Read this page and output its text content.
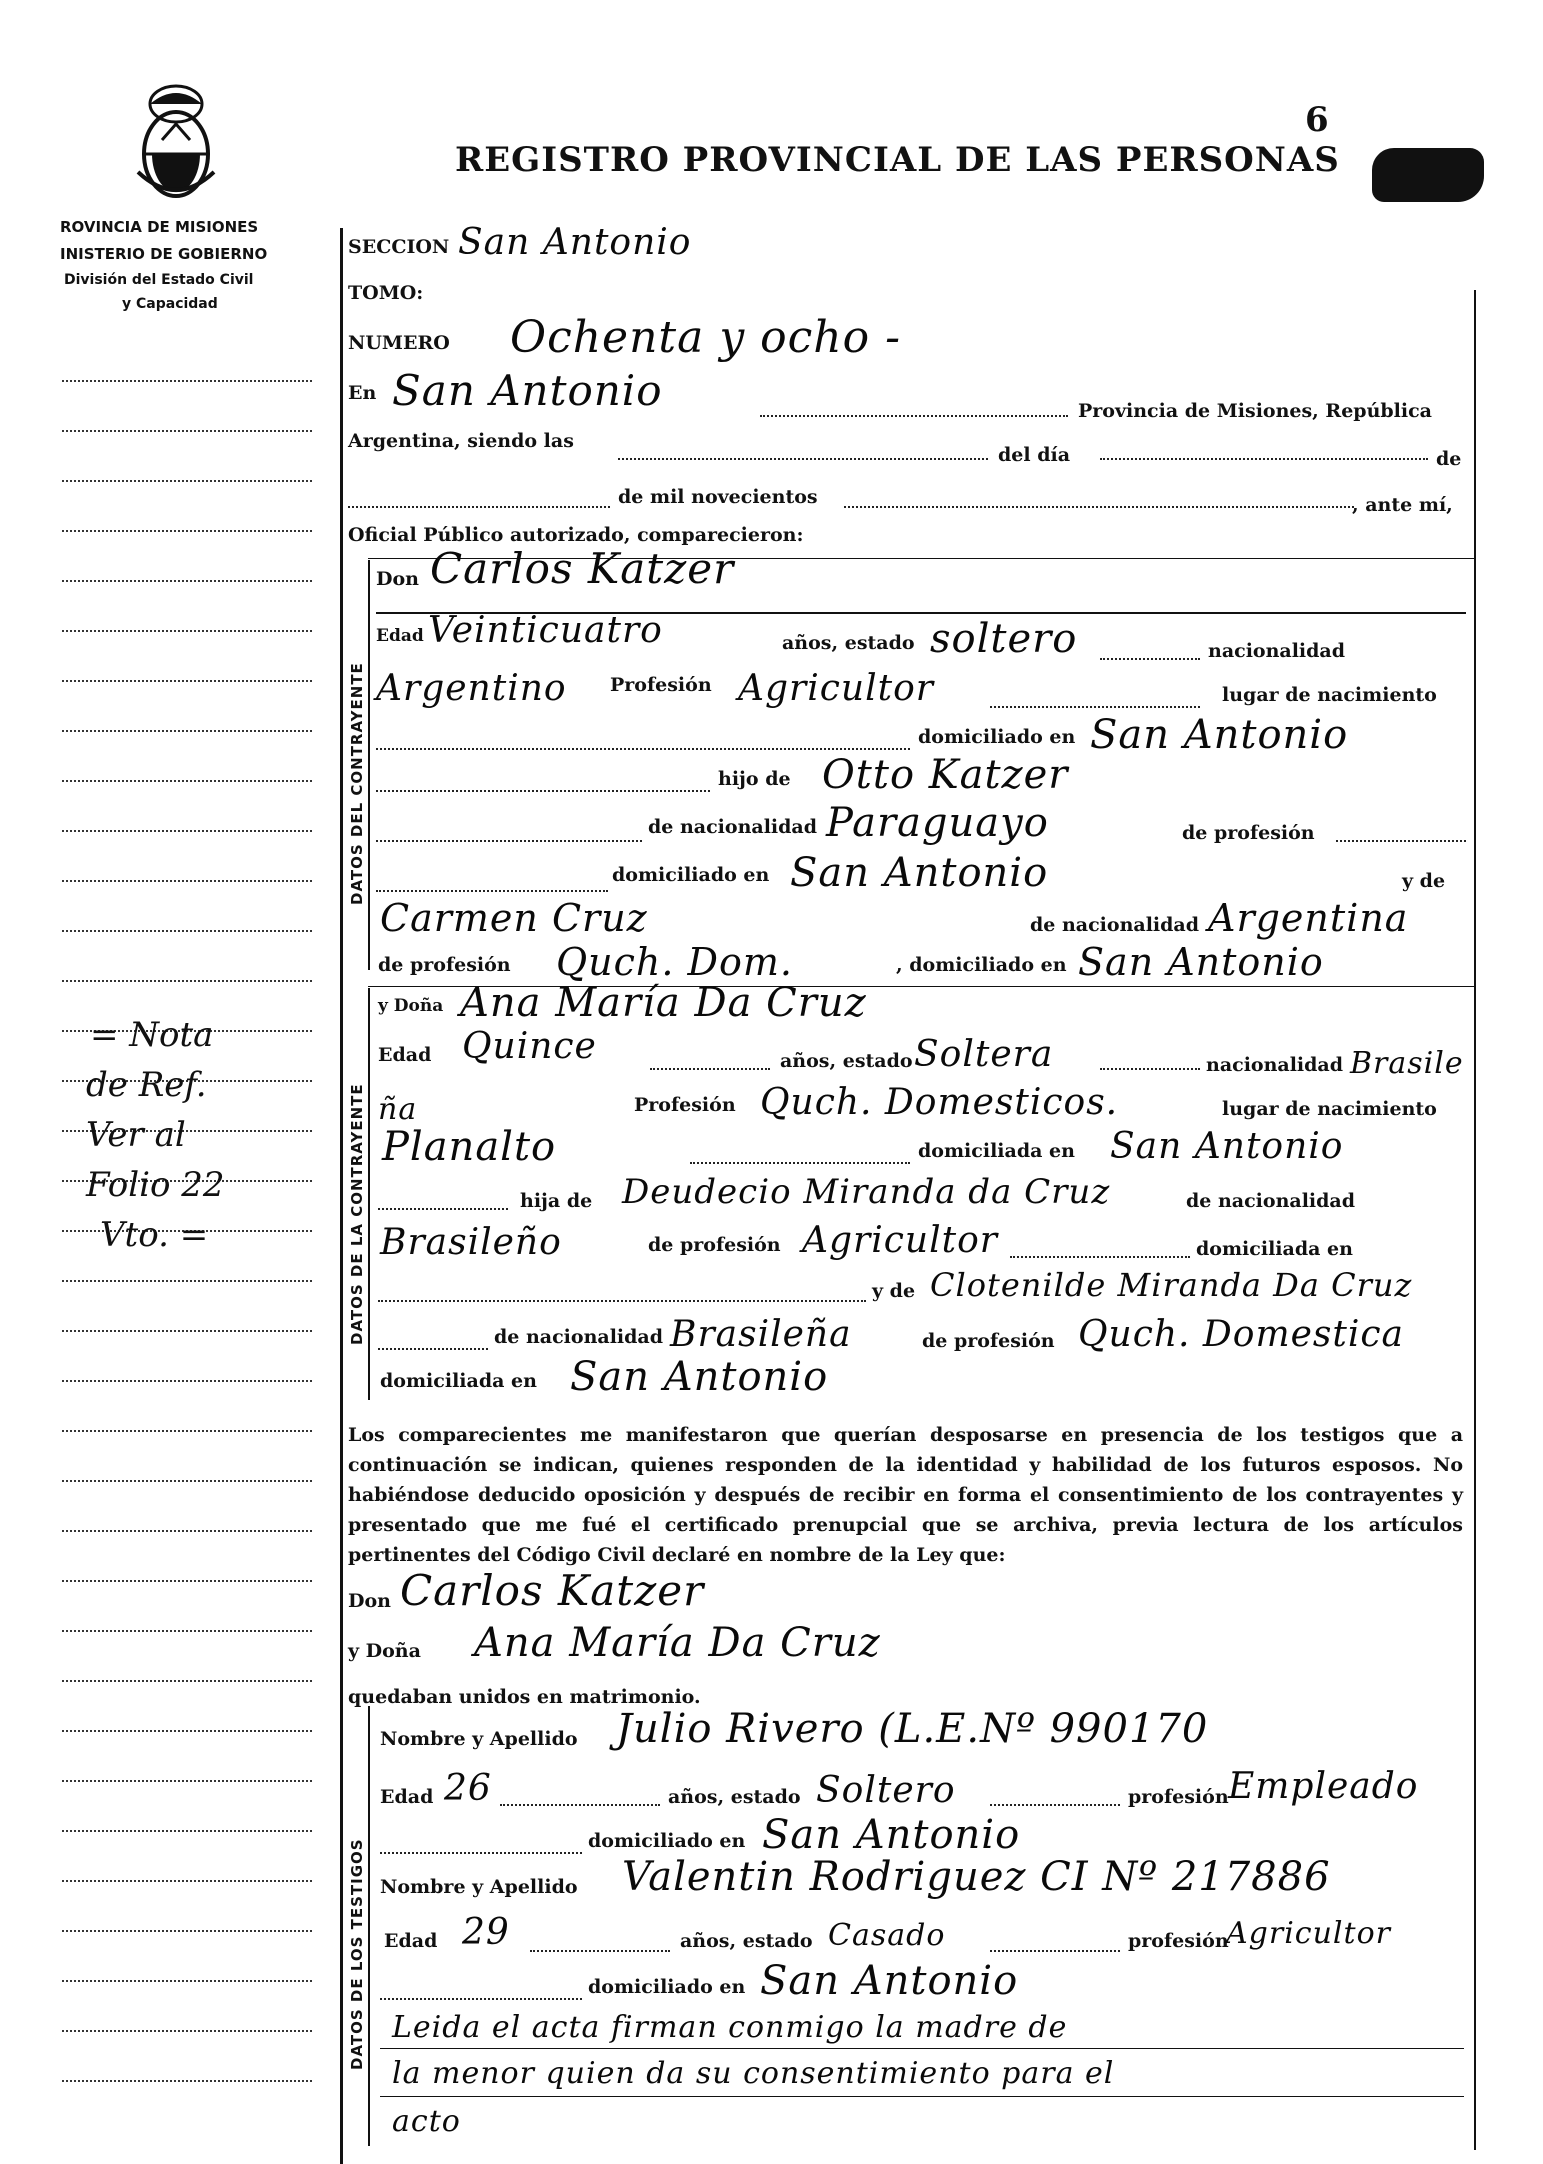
REGISTRO PROVINCIAL DE LAS PERSONAS
6
ROVINCIA DE MISIONES
INISTERIO DE GOBIERNO
División del Estado Civil
y Capacidad
= Nota
de Ref.
Ver al
Folio 22
Vto. =
SECCION San Antonio
TOMO:
NUMERO Ochenta y ocho -
En San Antonio	Provincia de Misiones, República
Argentina, siendo las
del día	de
de mil novecientos	, ante mí,
Oficial Público autorizado, comparecieron:
DATOS DEL CONTRAYENTE
Don Carlos Katzer
Edad Veinticuatro	años, estado soltero	nacionalidad
Argentino Profesión Agricultor	lugar de nacimiento
domiciliado en San Antonio
hijo de Otto Katzer
de nacionalidad Paraguayo	de profesión
domiciliado en San Antonio	y de
Carmen Cruz	de nacionalidad Argentina
de profesión Quch. Dom.	, domiciliado en San Antonio
DATOS DE LA CONTRAYENTE
y Doña Ana María Da Cruz
Edad Quince	años, estado Soltera	nacionalidad Brasile
ña	Profesión Quch. Domesticos.	lugar de nacimiento
Planalto	domiciliada en San Antonio
hija de Deudecio Miranda da Cruz	de nacionalidad
Brasileño	de profesión Agricultor	domiciliada en
y de Clotenilde Miranda Da Cruz
de nacionalidad Brasileña	de profesión Quch. Domestica
domiciliada en San Antonio
Los comparecientes me manifestaron que querían desposarse en presencia de los testigos que a continuación se indican, quienes responden de la identidad y habilidad de los futuros esposos. No habiéndose deducido oposición y después de recibir en forma el consentimiento de los contrayentes y presentado que me fué el certificado prenupcial que se archiva, previa lectura de los artículos pertinentes del Código Civil declaré en nombre de la Ley que:
Don Carlos Katzer
y Doña Ana María Da Cruz
quedaban unidos en matrimonio.
DATOS DE LOS TESTIGOS
Nombre y Apellido Julio Rivero (L.E.Nº 990170
Edad 26	años, estado Soltero	profesión Empleado
domiciliado en San Antonio
Nombre y Apellido Valentin Rodriguez CI Nº 217886
Edad 29	años, estado Casado	profesión
Agricultor
domiciliado en San Antonio
Leida el acta firman conmigo la madre de
la menor quien da su consentimiento para el
acto
